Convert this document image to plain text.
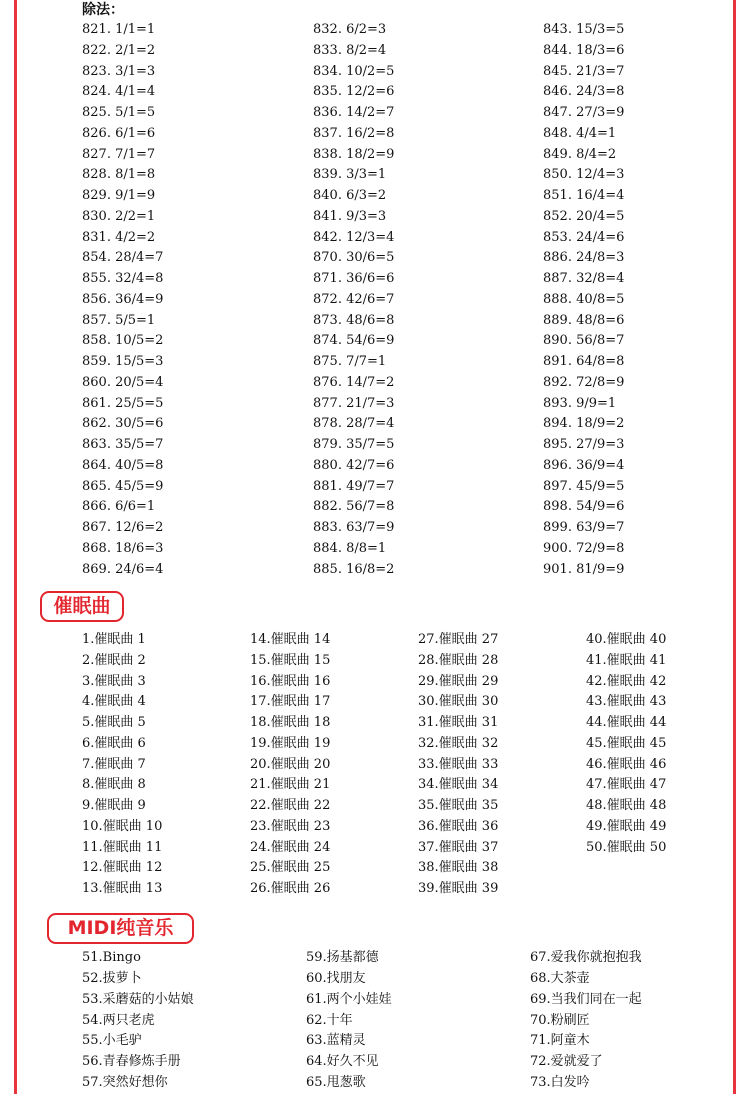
除法：
821. 1/1=1
822. 2/1=2
823. 3/1=3
824. 4/1=4
825. 5/1=5
826. 6/1=6
827. 7/1=7
828. 8/1=8
829. 9/1=9
830. 2/2=1
831. 4/2=2
854. 28/4=7
855. 32/4=8
856. 36/4=9
857. 5/5=1
858. 10/5=2
859. 15/5=3
860. 20/5=4
861. 25/5=5
862. 30/5=6
863. 35/5=7
864. 40/5=8
865. 45/5=9
866. 6/6=1
867. 12/6=2
868. 18/6=3
869. 24/6=4
832. 6/2=3
833. 8/2=4
834. 10/2=5
835. 12/2=6
836. 14/2=7
837. 16/2=8
838. 18/2=9
839. 3/3=1
840. 6/3=2
841. 9/3=3
842. 12/3=4
870. 30/6=5
871. 36/6=6
872. 42/6=7
873. 48/6=8
874. 54/6=9
875. 7/7=1
876. 14/7=2
877. 21/7=3
878. 28/7=4
879. 35/7=5
880. 42/7=6
881. 49/7=7
882. 56/7=8
883. 63/7=9
884. 8/8=1
885. 16/8=2
843. 15/3=5
844. 18/3=6
845. 21/3=7
846. 24/3=8
847. 27/3=9
848. 4/4=1
849. 8/4=2
850. 12/4=3
851. 16/4=4
852. 20/4=5
853. 24/4=6
886. 24/8=3
887. 32/8=4
888. 40/8=5
889. 48/8=6
890. 56/8=7
891. 64/8=8
892. 72/8=9
893. 9/9=1
894. 18/9=2
895. 27/9=3
896. 36/9=4
897. 45/9=5
898. 54/9=6
899. 63/9=7
900. 72/9=8
901. 81/9=9
催眠曲
1.催眠曲 1
2.催眠曲 2
3.催眠曲 3
4.催眠曲 4
5.催眠曲 5
6.催眠曲 6
7.催眠曲 7
8.催眠曲 8
9.催眠曲 9
10.催眠曲 10
11.催眠曲 11
12.催眠曲 12
13.催眠曲 13
14.催眠曲 14
15.催眠曲 15
16.催眠曲 16
17.催眠曲 17
18.催眠曲 18
19.催眠曲 19
20.催眠曲 20
21.催眠曲 21
22.催眠曲 22
23.催眠曲 23
24.催眠曲 24
25.催眠曲 25
26.催眠曲 26
27.催眠曲 27
28.催眠曲 28
29.催眠曲 29
30.催眠曲 30
31.催眠曲 31
32.催眠曲 32
33.催眠曲 33
34.催眠曲 34
35.催眠曲 35
36.催眠曲 36
37.催眠曲 37
38.催眠曲 38
39.催眠曲 39
40.催眠曲 40
41.催眠曲 41
42.催眠曲 42
43.催眠曲 43
44.催眠曲 44
45.催眠曲 45
46.催眠曲 46
47.催眠曲 47
48.催眠曲 48
49.催眠曲 49
50.催眠曲 50
MIDI纯音乐
51.Bingo
52.拔萝卜
53.采蘑菇的小姑娘
54.两只老虎
55.小毛驴
56.青春修炼手册
57.突然好想你
59.扬基都德
60.找朋友
61.两个小娃娃
62.十年
63.蓝精灵
64.好久不见
65.甩葱歌
67.爱我你就抱抱我
68.大茶壶
69.当我们同在一起
70.粉刷匠
71.阿童木
72.爱就爱了
73.白发吟
